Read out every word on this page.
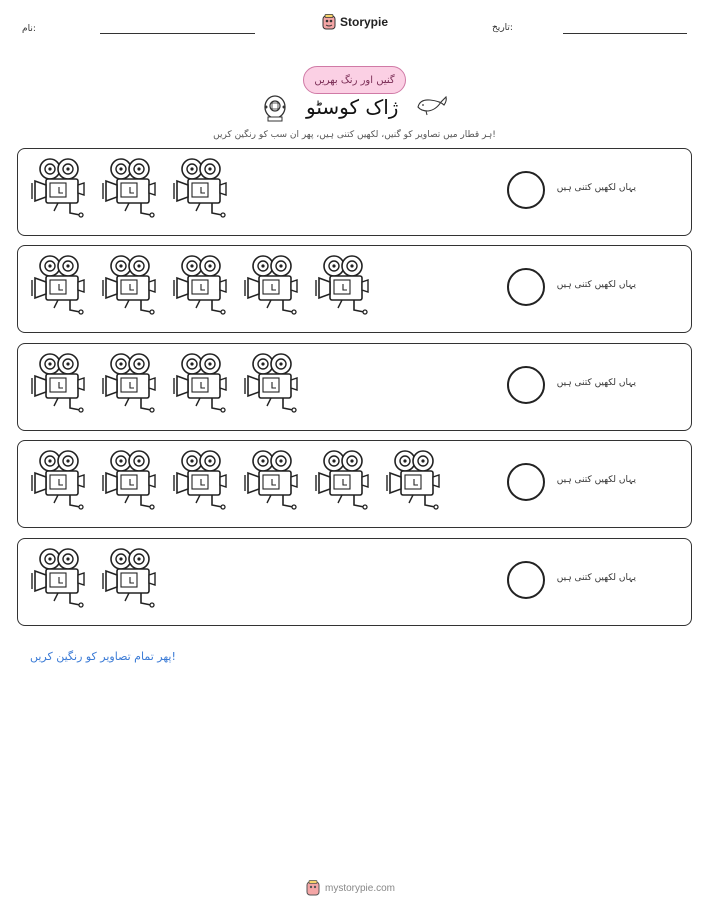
نام:	Storypie	تاریخ:
گنیں اور رنگ بھریں
ژاک کوسٹو
ہر قطار میں تصاویر کو گنیں، لکھیں کتنی ہیں، پھر ان سب کو رنگین کریں!
یہاں لکھیں کتنی ہیں
یہاں لکھیں کتنی ہیں
یہاں لکھیں کتنی ہیں
یہاں لکھیں کتنی ہیں
یہاں لکھیں کتنی ہیں
پھر تمام تصاویر کو رنگین کریں!
mystorypie.com
